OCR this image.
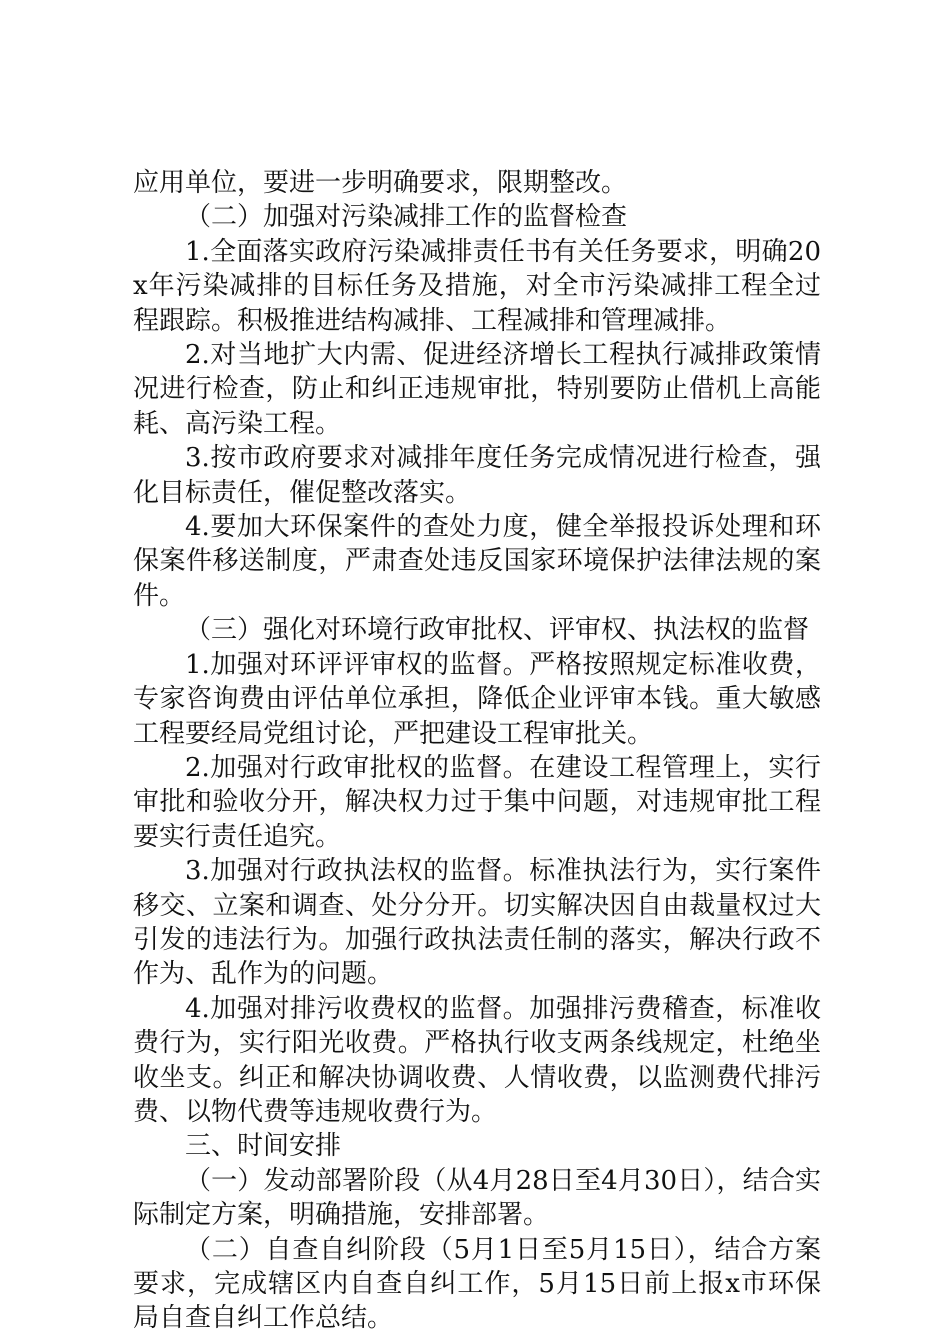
应用单位，要进一步明确要求，限期整改。

（二）加强对污染减排工作的监督检查

1.全面落实政府污染减排责任书有关任务要求，明确20x年污染减排的目标任务及措施，对全市污染减排工程全过程跟踪。积极推进结构减排、工程减排和管理减排。

2.对当地扩大内需、促进经济增长工程执行减排政策情况进行检查，防止和纠正违规审批，特别要防止借机上高能耗、高污染工程。

3.按市政府要求对减排年度任务完成情况进行检查，强化目标责任，催促整改落实。

4.要加大环保案件的查处力度，健全举报投诉处理和环保案件移送制度，严肃查处违反国家环境保护法律法规的案件。

（三）强化对环境行政审批权、评审权、执法权的监督

1.加强对环评评审权的监督。严格按照规定标准收费，专家咨询费由评估单位承担，降低企业评审本钱。重大敏感工程要经局党组讨论，严把建设工程审批关。

2.加强对行政审批权的监督。在建设工程管理上，实行审批和验收分开，解决权力过于集中问题，对违规审批工程要实行责任追究。

3.加强对行政执法权的监督。标准执法行为，实行案件移交、立案和调查、处分分开。切实解决因自由裁量权过大引发的违法行为。加强行政执法责任制的落实，解决行政不作为、乱作为的问题。

4.加强对排污收费权的监督。加强排污费稽查，标准收费行为，实行阳光收费。严格执行收支两条线规定，杜绝坐收坐支。纠正和解决协调收费、人情收费，以监测费代排污费、以物代费等违规收费行为。

三、时间安排

（一）发动部署阶段（从4月28日至4月30日），结合实际制定方案，明确措施，安排部署。

（二）自查自纠阶段（5月1日至5月15日），结合方案要求，完成辖区内自查自纠工作，5月15日前上报x市环保局自查自纠工作总结。
